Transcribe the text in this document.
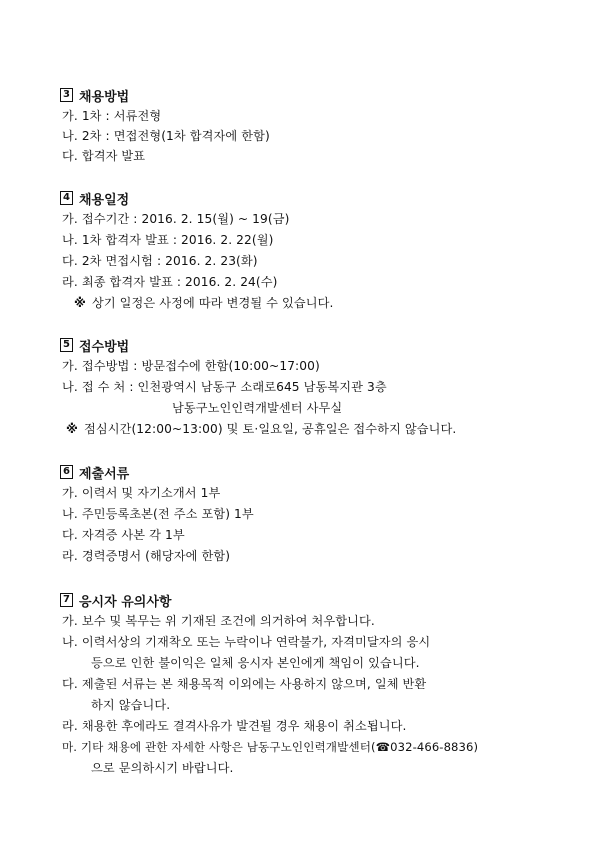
3 채용방법
가. 1차 : 서류전형
나. 2차 : 면접전형(1차 합격자에 한함)
다. 합격자 발표
4 채용일정
가. 접수기간 : 2016. 2. 15(월) ~ 19(금)
나. 1차 합격자 발표 : 2016. 2. 22(월)
다. 2차 면접시험 : 2016. 2. 23(화)
라. 최종 합격자 발표 : 2016. 2. 24(수)
※ 상기 일정은 사정에 따라 변경될 수 있습니다.
5 접수방법
가. 접수방법 : 방문접수에 한함(10:00~17:00)
나. 접 수 처 : 인천광역시 남동구 소래로645 남동복지관 3층
남동구노인인력개발센터 사무실
※ 점심시간(12:00~13:00) 및 토·일요일, 공휴일은 접수하지 않습니다.
6 제출서류
가. 이력서 및 자기소개서 1부
나. 주민등록초본(전 주소 포함) 1부
다. 자격증 사본 각 1부
라. 경력증명서 (해당자에 한함)
7 응시자 유의사항
가. 보수 및 복무는 위 기재된 조건에 의거하여 처우합니다.
나. 이력서상의 기재착오 또는 누락이나 연락불가, 자격미달자의 응시
등으로 인한 불이익은 일체 응시자 본인에게 책임이 있습니다.
다. 제출된 서류는 본 채용목적 이외에는 사용하지 않으며, 일체 반환
하지 않습니다.
라. 채용한 후에라도 결격사유가 발견될 경우 채용이 취소됩니다.
마. 기타 채용에 관한 자세한 사항은 남동구노인인력개발센터(☎032-466-8836)
으로 문의하시기 바랍니다.
